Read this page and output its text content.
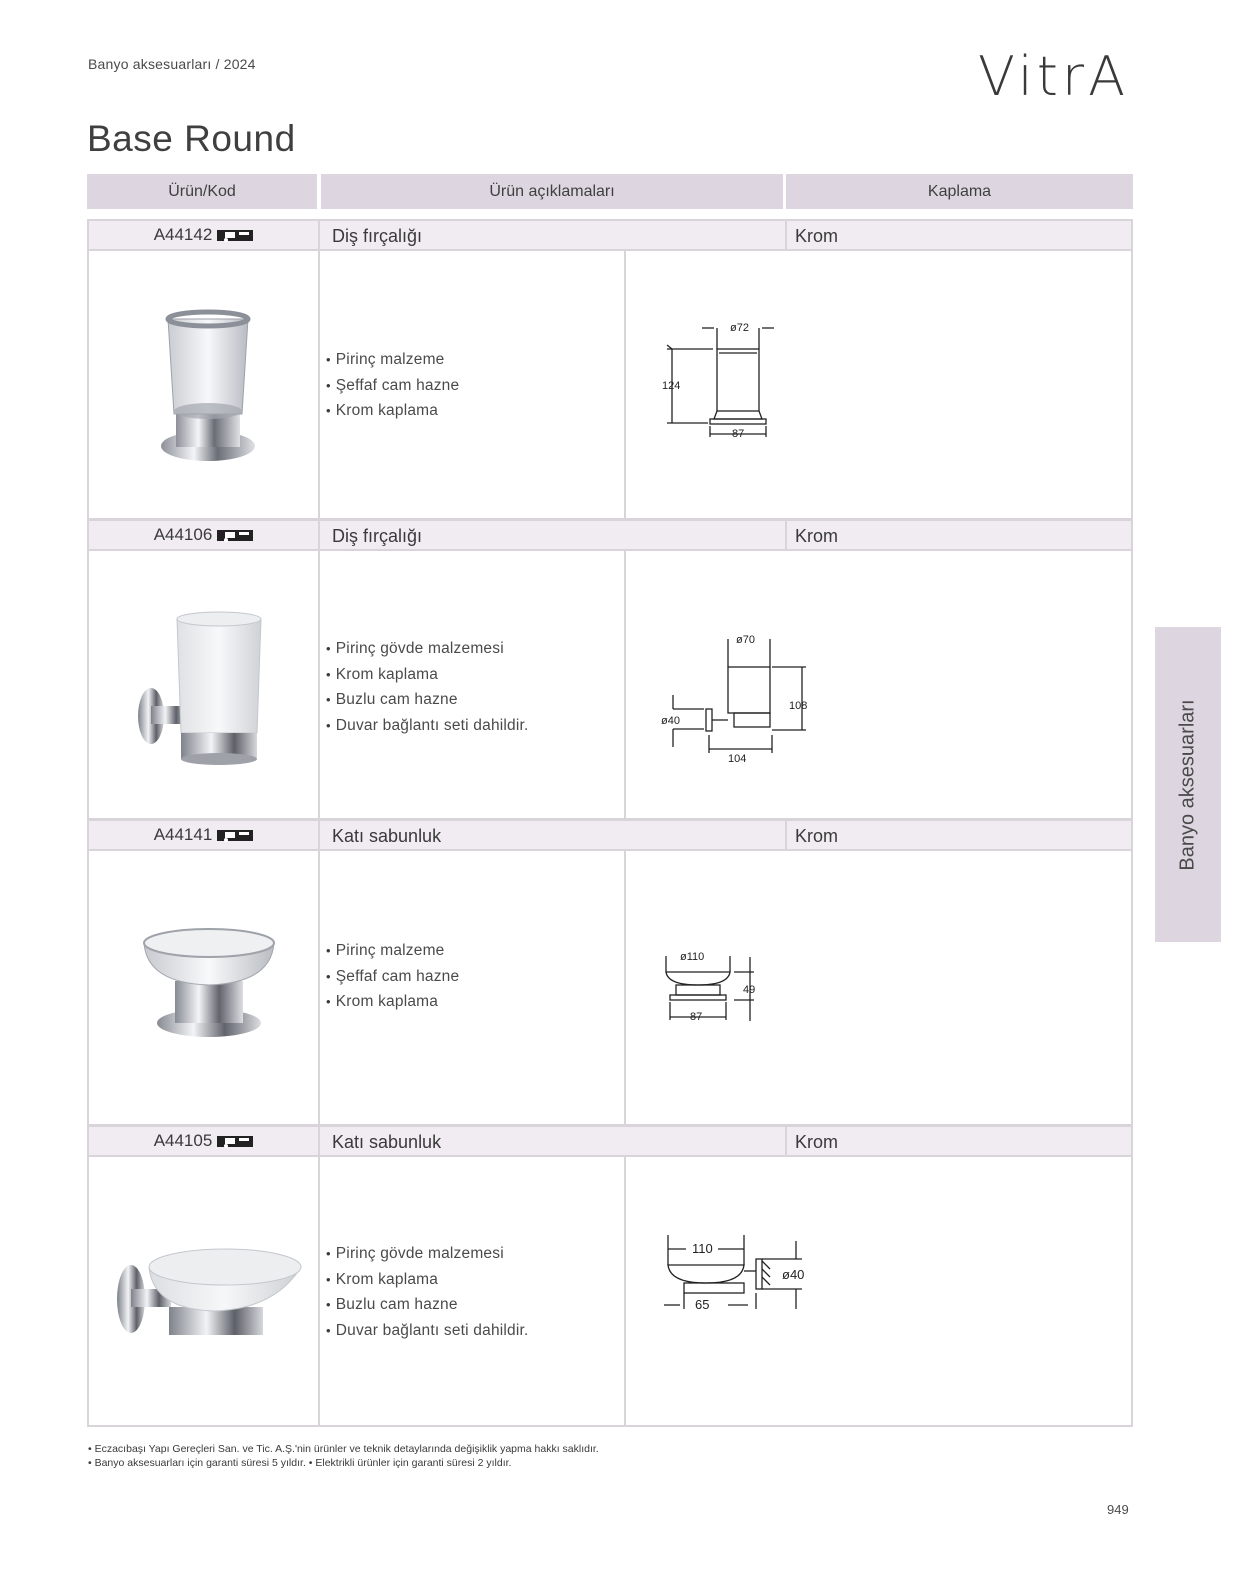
Banyo aksesuarları / 2024	VitrA
Base Round
Ürün/Kod	Ürün açıklamaları	Kaplama
A44142	Diş fırçalığı	Krom
• Pirinç malzeme
• Şeffaf cam hazne
• Krom kaplama
ø72
124
87
A44106	Diş fırçalığı	Krom
• Pirinç gövde malzemesi
• Krom kaplama
• Buzlu cam hazne
• Duvar bağlantı seti dahildir.
ø70
108
ø40
104
A44141	Katı sabunluk	Krom
• Pirinç malzeme
• Şeffaf cam hazne
• Krom kaplama
ø110
49
87
A44105	Katı sabunluk	Krom
• Pirinç gövde malzemesi
• Krom kaplama
• Buzlu cam hazne
• Duvar bağlantı seti dahildir.
110
ø40
65
Banyo aksesuarları
• Eczacıbaşı Yapı Gereçleri San. ve Tic. A.Ş.'nin ürünler ve teknik detaylarında değişiklik yapma hakkı saklıdır.
• Banyo aksesuarları için garanti süresi 5 yıldır. • Elektrikli ürünler için garanti süresi 2 yıldır.
949
